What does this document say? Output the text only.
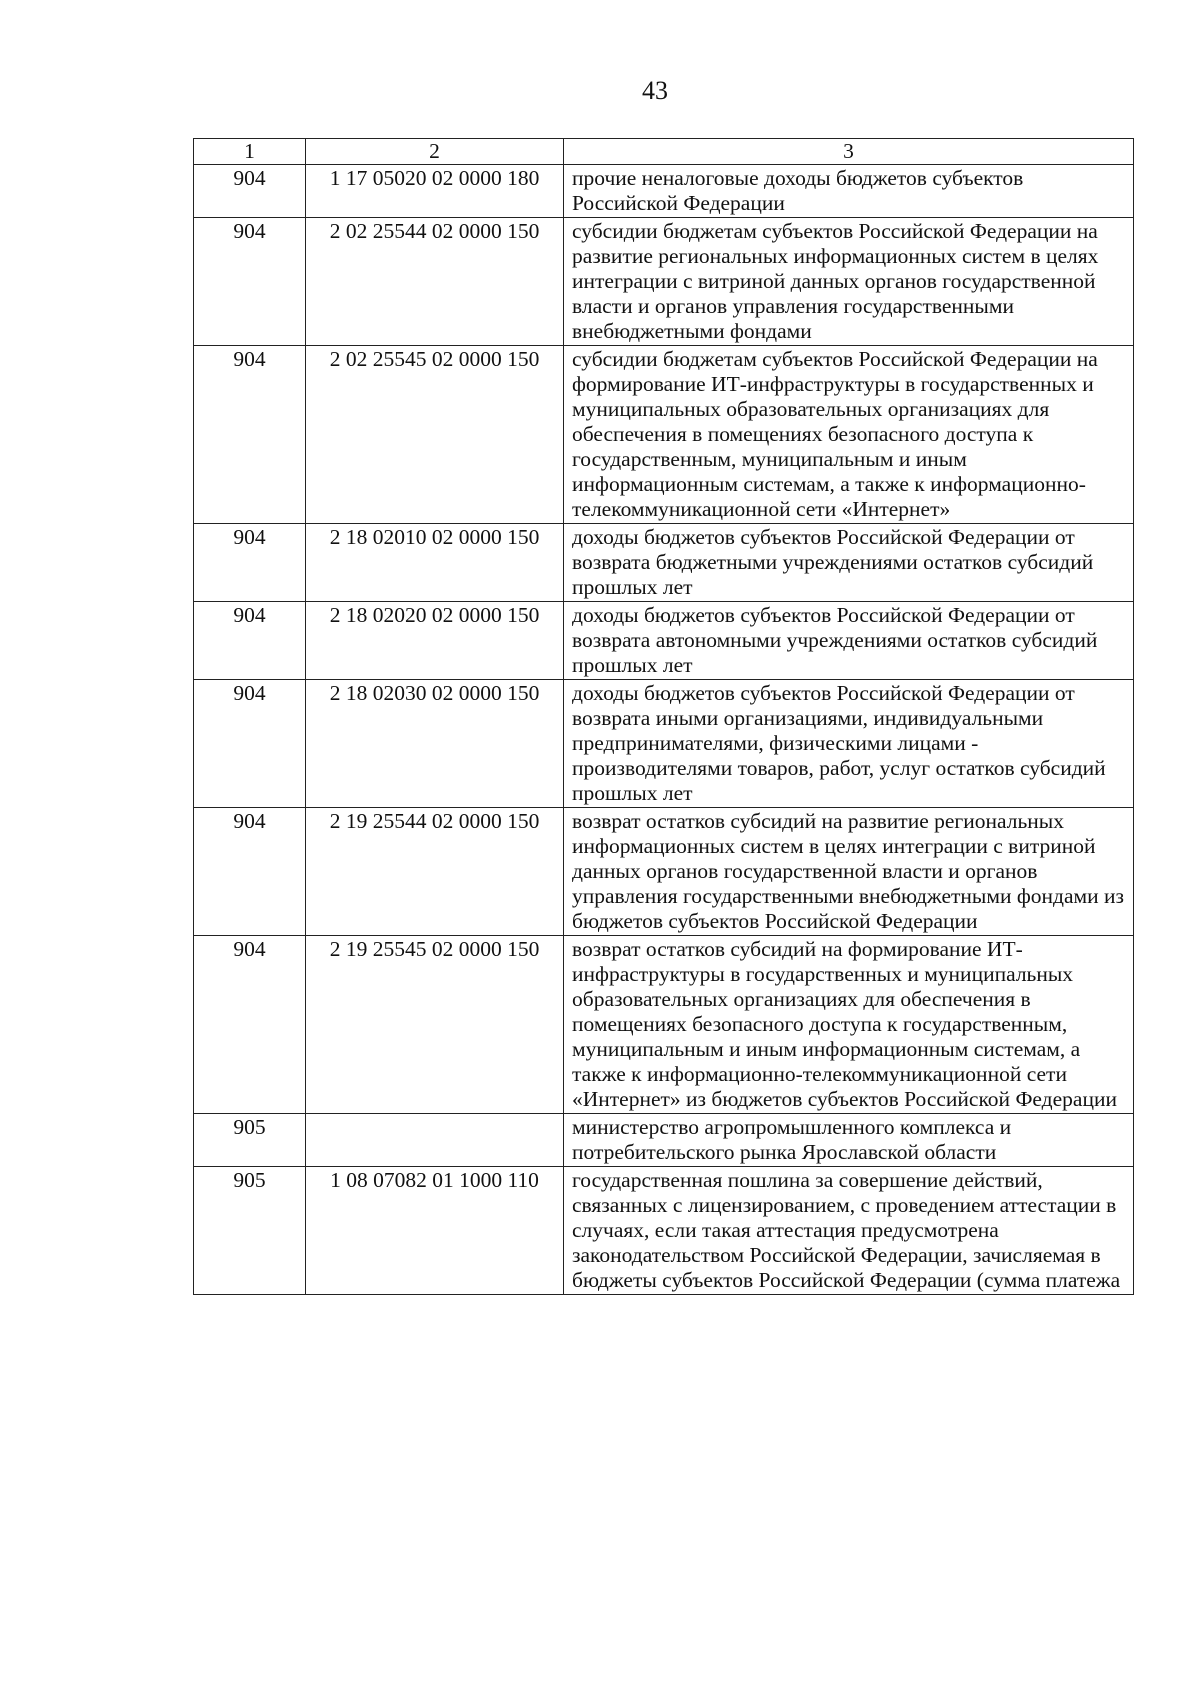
43
1	2	3
904	1 17 05020 02 0000 180	прочие неналоговые доходы бюджетов субъектов Российской Федерации
904	2 02 25544 02 0000 150	субсидии бюджетам субъектов Российской Федерации на развитие региональных информационных систем в целях интеграции с витриной данных органов государственной власти и органов управления государственными внебюджетными фондами
904	2 02 25545 02 0000 150	субсидии бюджетам субъектов Российской Федерации на формирование ИТ-инфраструктуры в государственных и муниципальных образовательных организациях для обеспечения в помещениях безопасного доступа к государственным, муниципальным и иным информационным системам, а также к информационно-телекоммуникационной сети «Интернет»
904	2 18 02010 02 0000 150	доходы бюджетов субъектов Российской Федерации от возврата бюджетными учреждениями остатков субсидий прошлых лет
904	2 18 02020 02 0000 150	доходы бюджетов субъектов Российской Федерации от возврата автономными учреждениями остатков субсидий прошлых лет
904	2 18 02030 02 0000 150	доходы бюджетов субъектов Российской Федерации от возврата иными организациями, индивидуальными предпринимателями, физическими лицами - производителями товаров, работ, услуг остатков субсидий прошлых лет
904	2 19 25544 02 0000 150	возврат остатков субсидий на развитие региональных информационных систем в целях интеграции с витриной данных органов государственной власти и органов управления государственными внебюджетными фондами из бюджетов субъектов Российской Федерации
904	2 19 25545 02 0000 150	возврат остатков субсидий на формирование ИТ-инфраструктуры в государственных и муниципальных образовательных организациях для обеспечения в помещениях безопасного доступа к государственным, муниципальным и иным информационным системам, а также к информационно-телекоммуникационной сети «Интернет» из бюджетов субъектов Российской Федерации
905		министерство агропромышленного комплекса и потребительского рынка Ярославской области
905	1 08 07082 01 1000 110	государственная пошлина за совершение действий, связанных с лицензированием, с проведением аттестации в случаях, если такая аттестация предусмотрена законодательством Российской Федерации, зачисляемая в бюджеты субъектов Российской Федерации (сумма платежа
